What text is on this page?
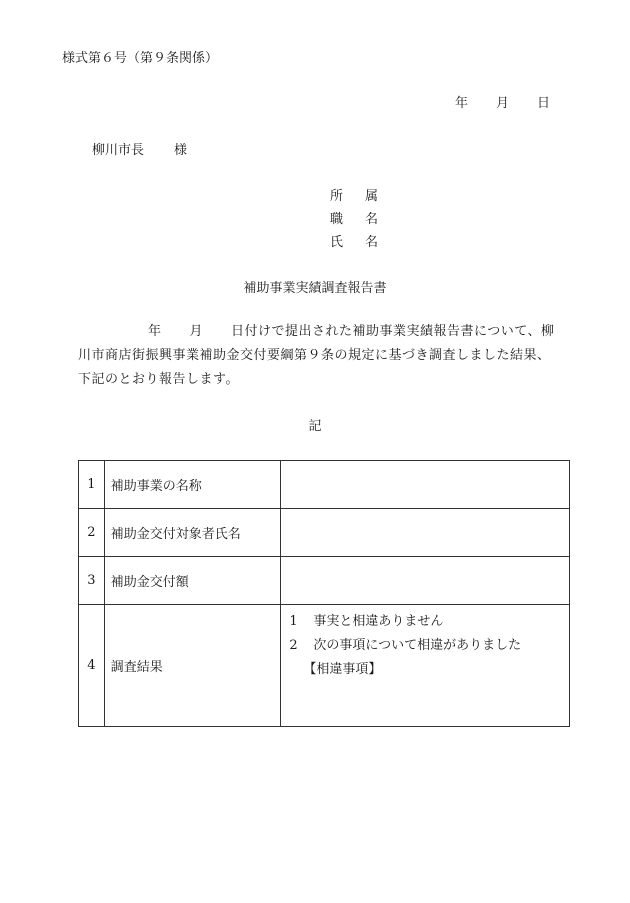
様式第６号（第９条関係）
年 月 日
柳川市長 様
所 属
職 名
氏 名
補助事業実績調査報告書
年 月 日付けで提出された補助事業実績報告書について、柳
川市商店街振興事業補助金交付要綱第９条の規定に基づき調査しました結果、
下記のとおり報告します。
記
1	補助事業の名称	
2	補助金交付対象者氏名	
3	補助金交付額	
4	調査結果	1 事実と相違ありません
2 次の事項について相違がありました
【相違事項】
